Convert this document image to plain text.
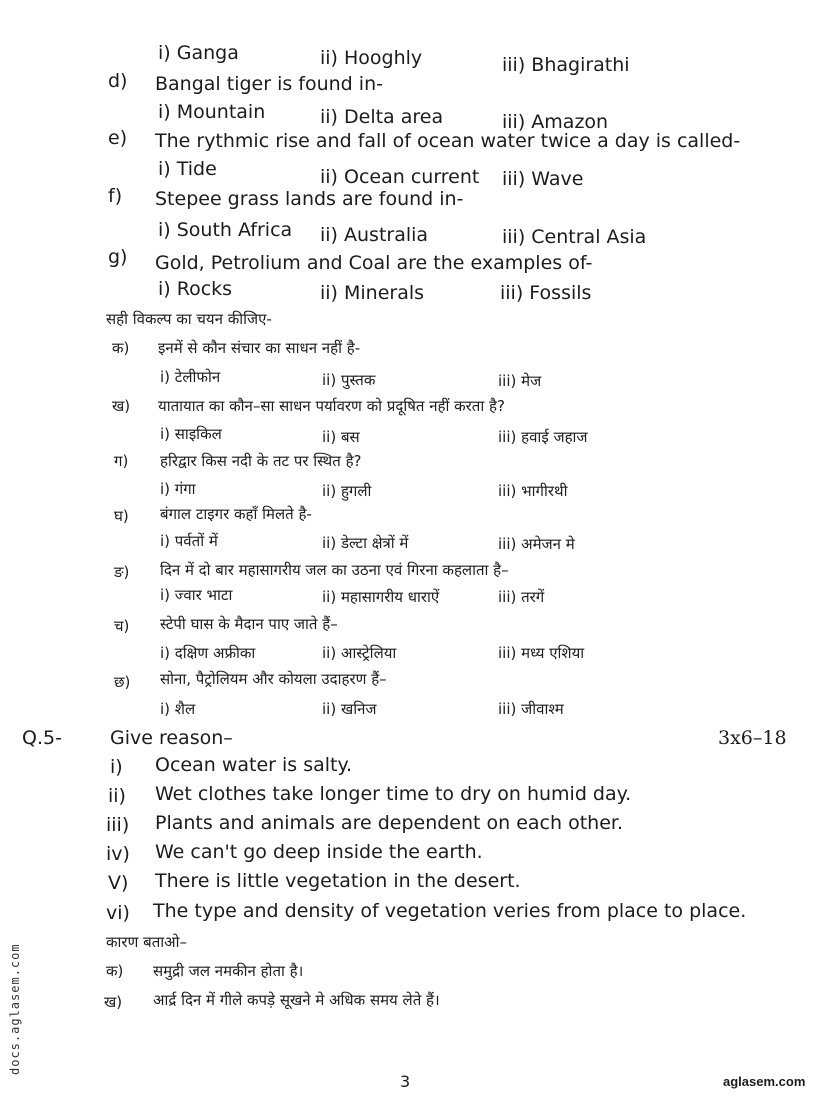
i) Ganga	ii) Hooghly	iii) Bhagirathi
d) Bangal tiger is found in-
i) Mountain	ii) Delta area	iii) Amazon
e) The rythmic rise and fall of ocean water twice a day is called-
i) Tide	ii) Ocean current iii) Wave
f) Stepee grass lands are found in-
i) South Africa ii) Australia	iii) Central Asia
g) Gold, Petrolium and Coal are the examples of-
i) Rocks	ii) Minerals	iii) Fossils
सही विकल्प का चयन कीजिए-
क) इनमें से कौन संचार का साधन नहीं है-
i) टेलीफोन	ii) पुस्तक	iii) मेज
ख) यातायात का कौन–सा साधन पर्यावरण को प्रदूषित नहीं करता है?
i) साइकिल	ii) बस	iii) हवाई जहाज
ग) हरिद्वार किस नदी के तट पर स्थित है?
i) गंगा	ii) हुगली	iii) भागीरथी
घ) बंगाल टाइगर कहाँ मिलते है-
i) पर्वतों में	ii) डेल्टा क्षेत्रों में	iii) अमेजन मे
ङ) दिन में दो बार महासागरीय जल का उठना एवं गिरना कहलाता है–
i) ज्वार भाटा	ii) महासागरीय धाराऐं	iii) तरगें
च) स्टेपी घास के मैदान पाए जाते हैं–
i) दक्षिण अफ्रीका	ii) आस्ट्रेलिया	iii) मध्य एशिया
छ) सोना, पैट्रोलियम और कोयला उदाहरण हैं–
i) शैल	ii) खनिज	iii) जीवाश्म
Q.5-	Give reason–	3x6–18
i) Ocean water is salty.
ii) Wet clothes take longer time to dry on humid day.
iii) Plants and animals are dependent on each other.
iv) We can't go deep inside the earth.
V) There is little vegetation in the desert.
vi) The type and density of vegetation veries from place to place.
कारण बताओ–
क) समुद्री जल नमकीन होता है।
ख) आर्द्र दिन में गीले कपड़े सूखने मे अधिक समय लेते हैं।
3	aglasem.com
docs.aglasem.com
